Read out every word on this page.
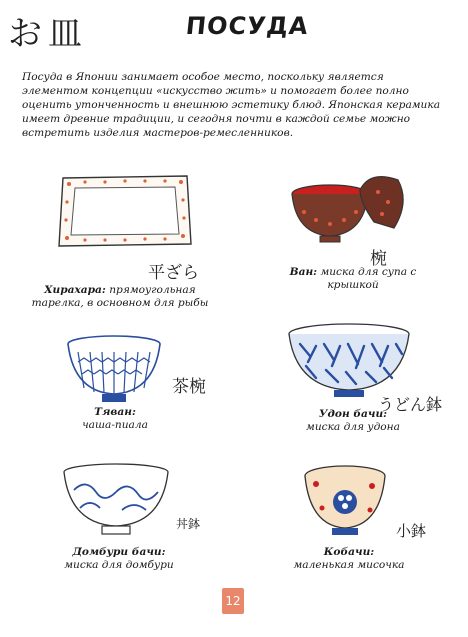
お皿	ПОСУДА
Посуда в Японии занимает особое место, поскольку является элементом концепции «искусство жить» и помогает более полно оценить утонченность и внешнюю эстетику блюд. Японская керамика имеет древние традиции, и сегодня почти в каждой семье можно встретить изделия мастеров-ремесленников.
平ざら
Хирахара: прямоугольная тарелка, в основном для рыбы
椀
Ван: миска для супа с крышкой
茶椀
Тяван:
чаша-пиала
うどん鉢
Удон бачи:
миска для удона
丼鉢
Домбури бачи:
миска для домбури
小鉢
Кобачи:
маленькая мисочка
12
